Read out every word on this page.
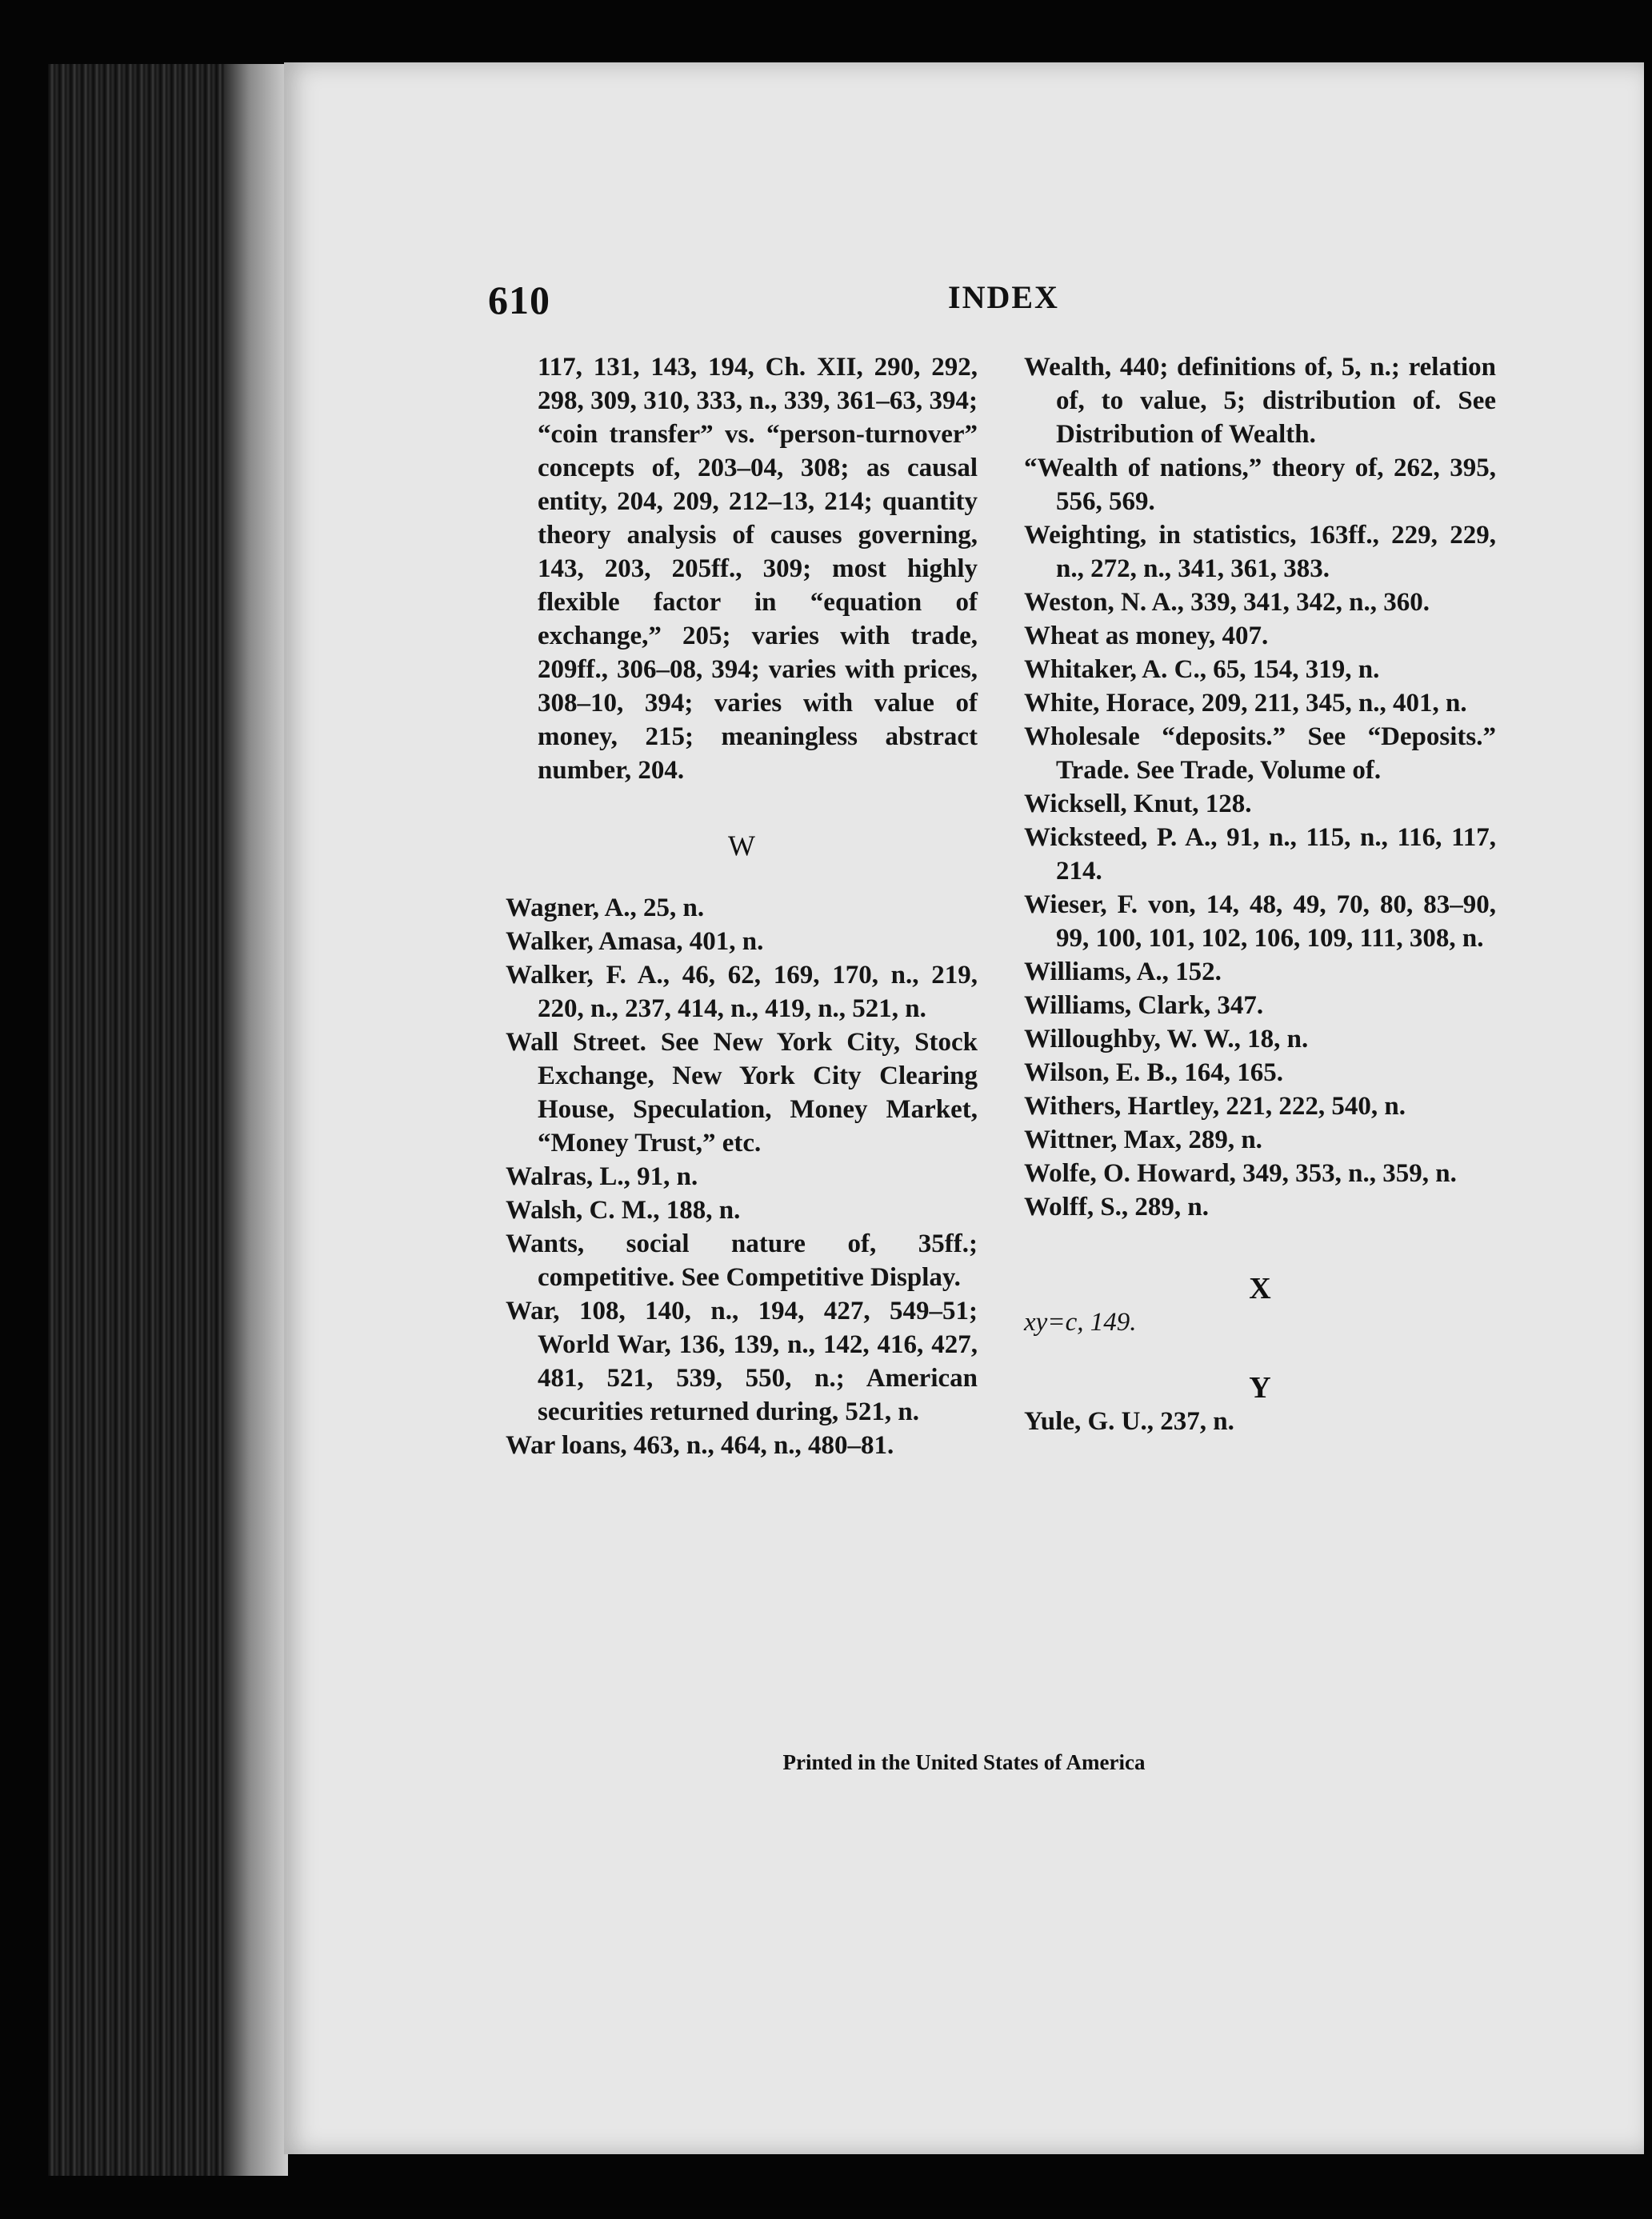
610	INDEX

117, 131, 143, 194, Ch. XII, 290, 292, 298, 309, 310, 333, n., 339, 361–63, 394; “coin transfer” vs. “person-turnover” concepts of, 203–04, 308; as causal entity, 204, 209, 212–13, 214; quantity theory analysis of causes governing, 143, 203, 205ff., 309; most highly flexible factor in “equation of exchange,” 205; varies with trade, 209ff., 306–08, 394; varies with prices, 308–10, 394; varies with value of money, 215; meaningless abstract number, 204.

W

Wagner, A., 25, n.

Walker, Amasa, 401, n.

Walker, F. A., 46, 62, 169, 170, n., 219, 220, n., 237, 414, n., 419, n., 521, n.

Wall Street. See New York City, Stock Exchange, New York City Clearing House, Speculation, Money Market, “Money Trust,” etc.

Walras, L., 91, n.

Walsh, C. M., 188, n.

Wants, social nature of, 35ff.; competitive. See Competitive Display.

War, 108, 140, n., 194, 427, 549–51; World War, 136, 139, n., 142, 416, 427, 481, 521, 539, 550, n.; American securities returned during, 521, n.

War loans, 463, n., 464, n., 480–81.

Wealth, 440; definitions of, 5, n.; relation of, to value, 5; distribution of. See Distribution of Wealth.

“Wealth of nations,” theory of, 262, 395, 556, 569.

Weighting, in statistics, 163ff., 229, 229, n., 272, n., 341, 361, 383.

Weston, N. A., 339, 341, 342, n., 360.

Wheat as money, 407.

Whitaker, A. C., 65, 154, 319, n.

White, Horace, 209, 211, 345, n., 401, n.

Wholesale “deposits.” See “Deposits.” Trade. See Trade, Volume of.

Wicksell, Knut, 128.

Wicksteed, P. A., 91, n., 115, n., 116, 117, 214.

Wieser, F. von, 14, 48, 49, 70, 80, 83–90, 99, 100, 101, 102, 106, 109, 111, 308, n.

Williams, A., 152.

Williams, Clark, 347.

Willoughby, W. W., 18, n.

Wilson, E. B., 164, 165.

Withers, Hartley, 221, 222, 540, n.

Wittner, Max, 289, n.

Wolfe, O. Howard, 349, 353, n., 359, n.

Wolff, S., 289, n.

X

xy=c, 149.

Y

Yule, G. U., 237, n.

Printed in the United States of America
